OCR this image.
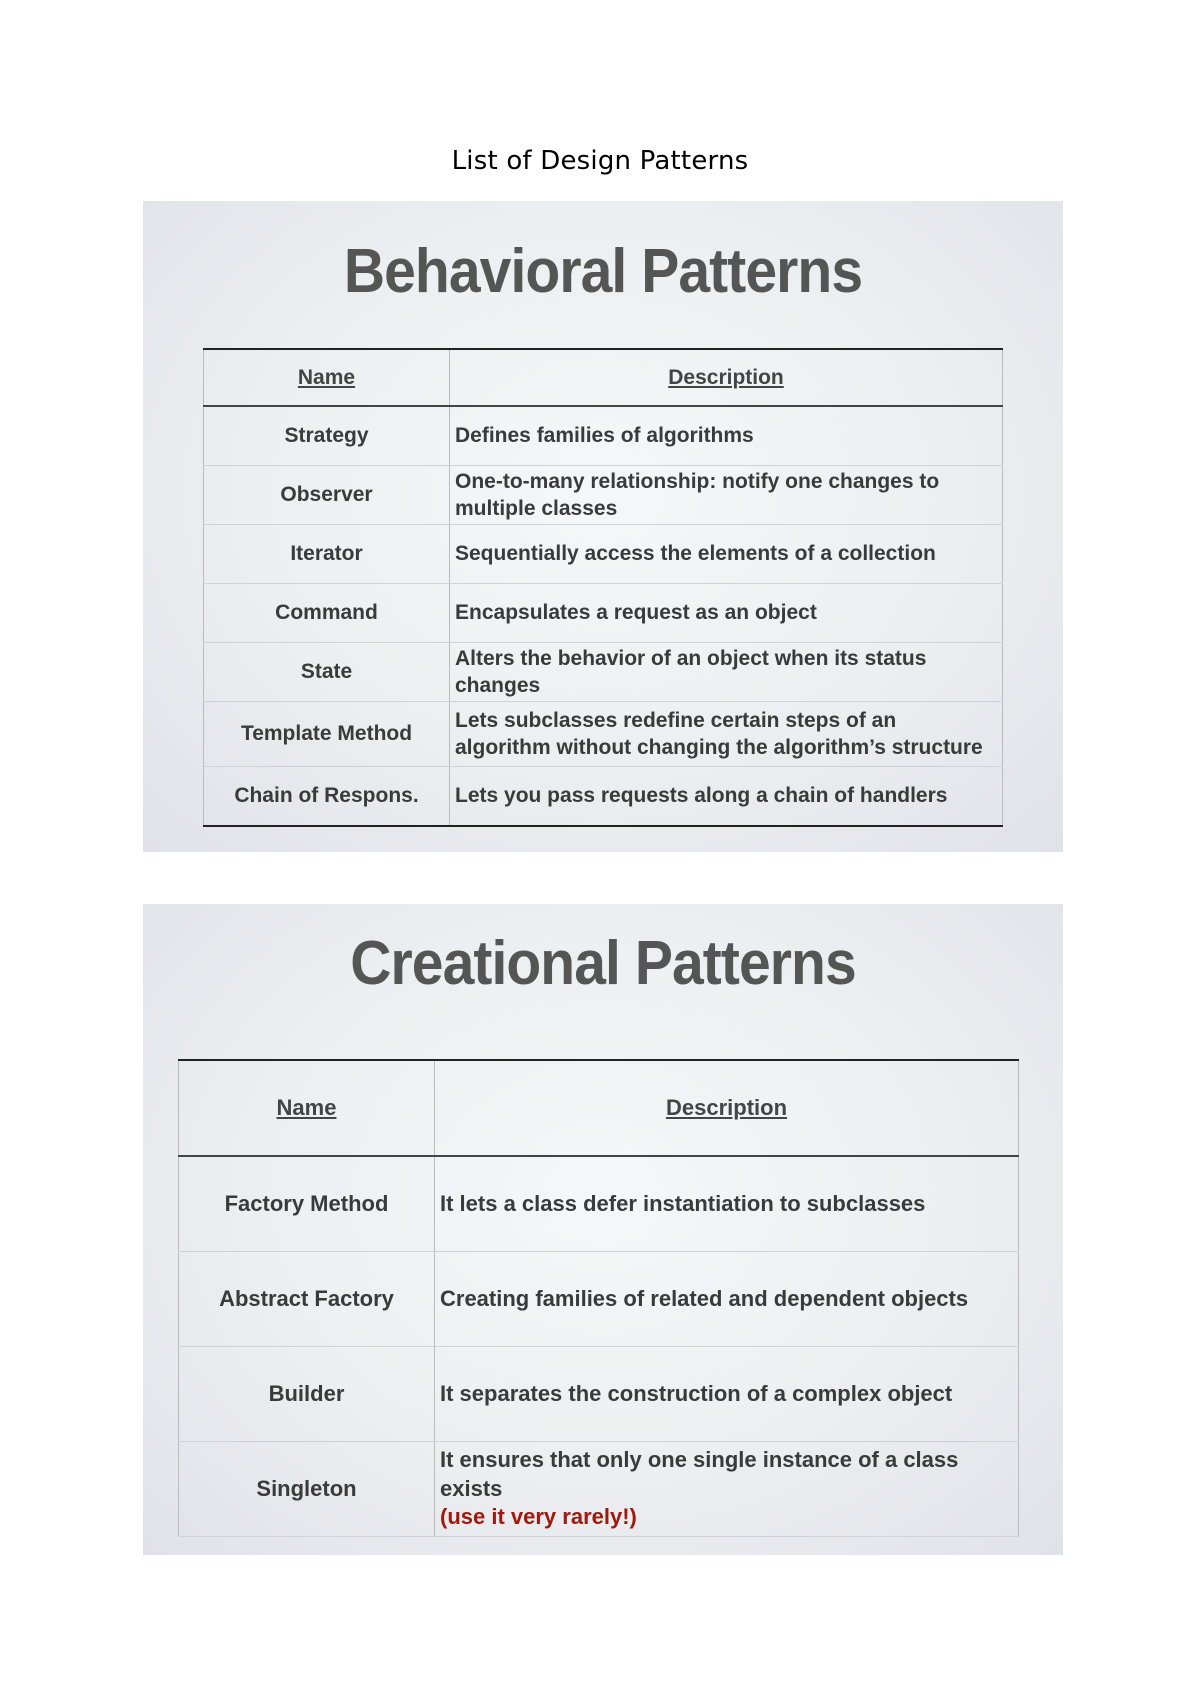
List of Design Patterns
Behavioral Patterns
Name	Description
Strategy	Defines families of algorithms
Observer	One-to-many relationship: notify one changes to multiple classes
Iterator	Sequentially access the elements of a collection
Command	Encapsulates a request as an object
State	Alters the behavior of an object when its status changes
Template Method	Lets subclasses redefine certain steps of an algorithm without changing the algorithm’s structure
Chain of Respons.	Lets you pass requests along a chain of handlers
Creational Patterns
Name	Description
Factory Method	It lets a class defer instantiation to subclasses
Abstract Factory	Creating families of related and dependent objects
Builder	It separates the construction of a complex object
Singleton	It ensures that only one single instance of a class exists
(use it very rarely!)
